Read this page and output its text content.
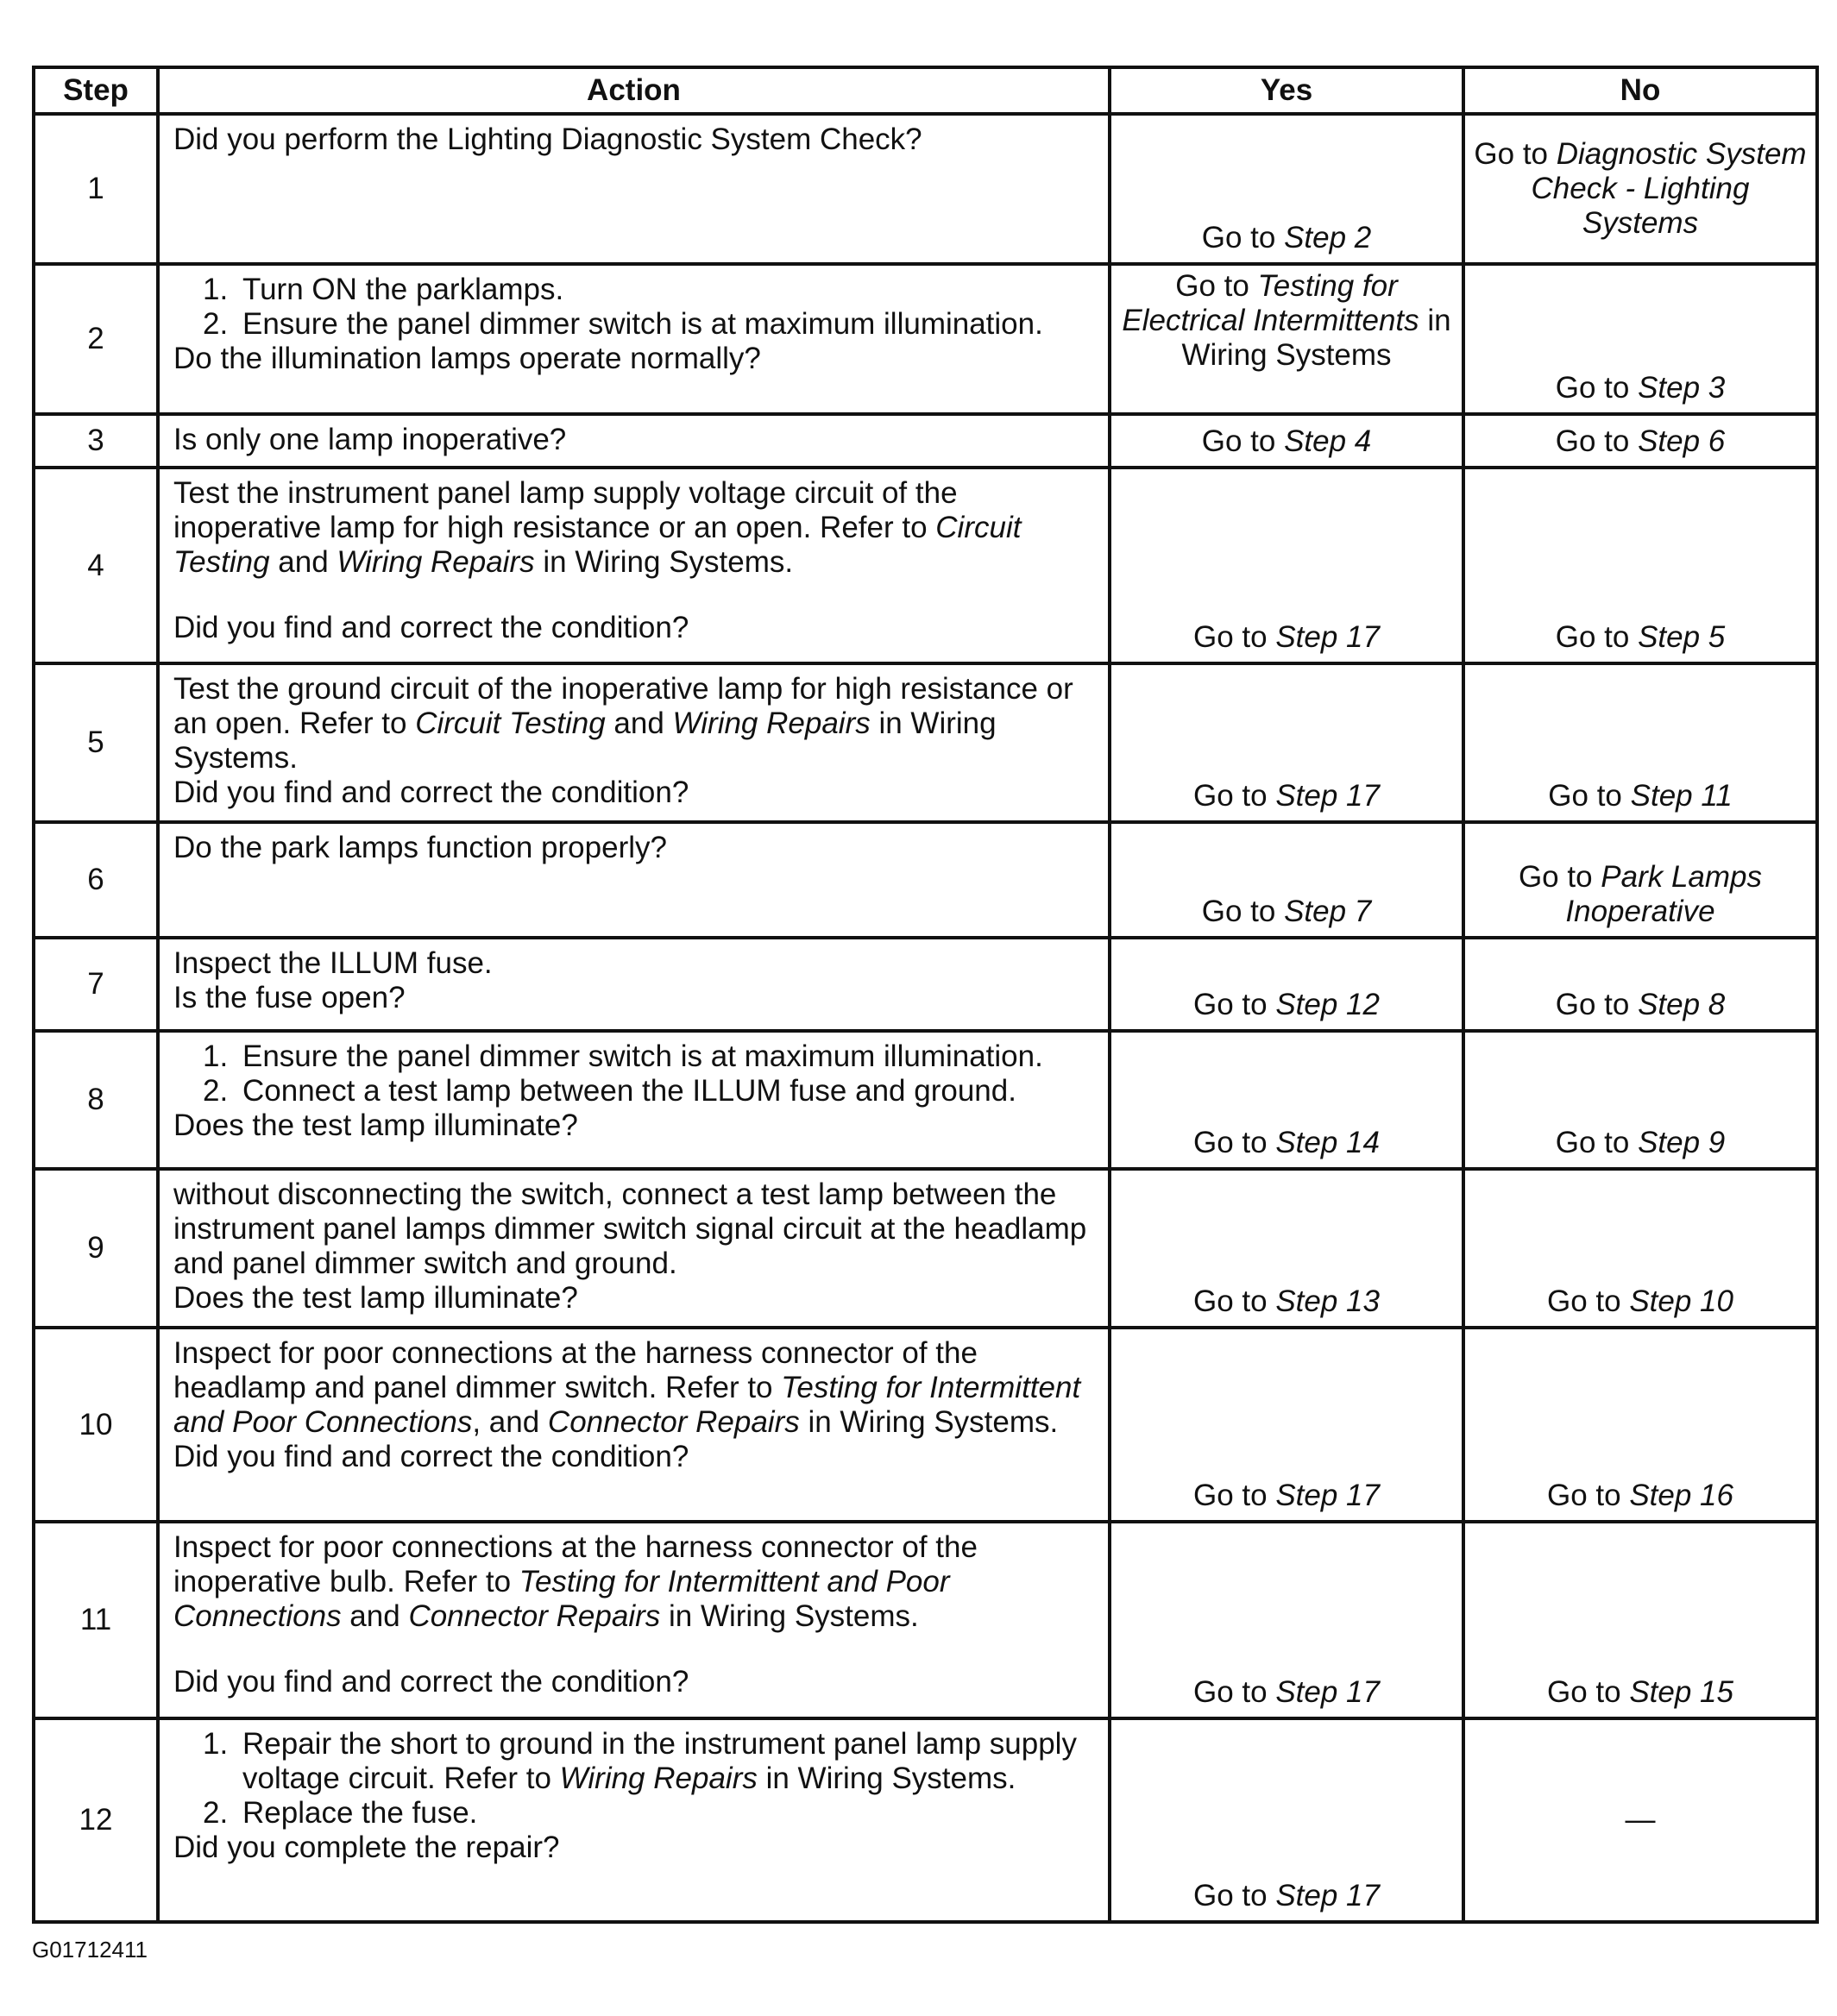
Step	Action	Yes	No
1	Did you perform the Lighting Diagnostic System Check?	Go to Step 2	Go to Diagnostic System Check - Lighting Systems

2	1. Turn ON the parklamps.
2. Ensure the panel dimmer switch is at maximum illumination.
Do the illumination lamps operate normally?	Go to Testing for Electrical Intermittents in Wiring Systems	Go to Step 3

3	Is only one lamp inoperative?	Go to Step 4	Go to Step 6

4	Test the instrument panel lamp supply voltage circuit of the inoperative lamp for high resistance or an open. Refer to Circuit Testing and Wiring Repairs in Wiring Systems.
Did you find and correct the condition?	Go to Step 17	Go to Step 5

5	Test the ground circuit of the inoperative lamp for high resistance or an open. Refer to Circuit Testing and Wiring Repairs in Wiring Systems.
Did you find and correct the condition?	Go to Step 17	Go to Step 11

6	Do the park lamps function properly?	Go to Step 7	Go to Park Lamps Inoperative

7	Inspect the ILLUM fuse.
Is the fuse open?	Go to Step 12	Go to Step 8

8	1. Ensure the panel dimmer switch is at maximum illumination.
2. Connect a test lamp between the ILLUM fuse and ground.
Does the test lamp illuminate?	Go to Step 14	Go to Step 9

9	without disconnecting the switch, connect a test lamp between the instrument panel lamps dimmer switch signal circuit at the headlamp and panel dimmer switch and ground.
Does the test lamp illuminate?	Go to Step 13	Go to Step 10

10	Inspect for poor connections at the harness connector of the headlamp and panel dimmer switch. Refer to Testing for Intermittent and Poor Connections, and Connector Repairs in Wiring Systems.
Did you find and correct the condition?	Go to Step 17	Go to Step 16

11	Inspect for poor connections at the harness connector of the inoperative bulb. Refer to Testing for Intermittent and Poor Connections and Connector Repairs in Wiring Systems.
Did you find and correct the condition?	Go to Step 17	Go to Step 15

12	1. Repair the short to ground in the instrument panel lamp supply voltage circuit. Refer to Wiring Repairs in Wiring Systems.
2. Replace the fuse.
Did you complete the repair?	Go to Step 17	—
G01712411
